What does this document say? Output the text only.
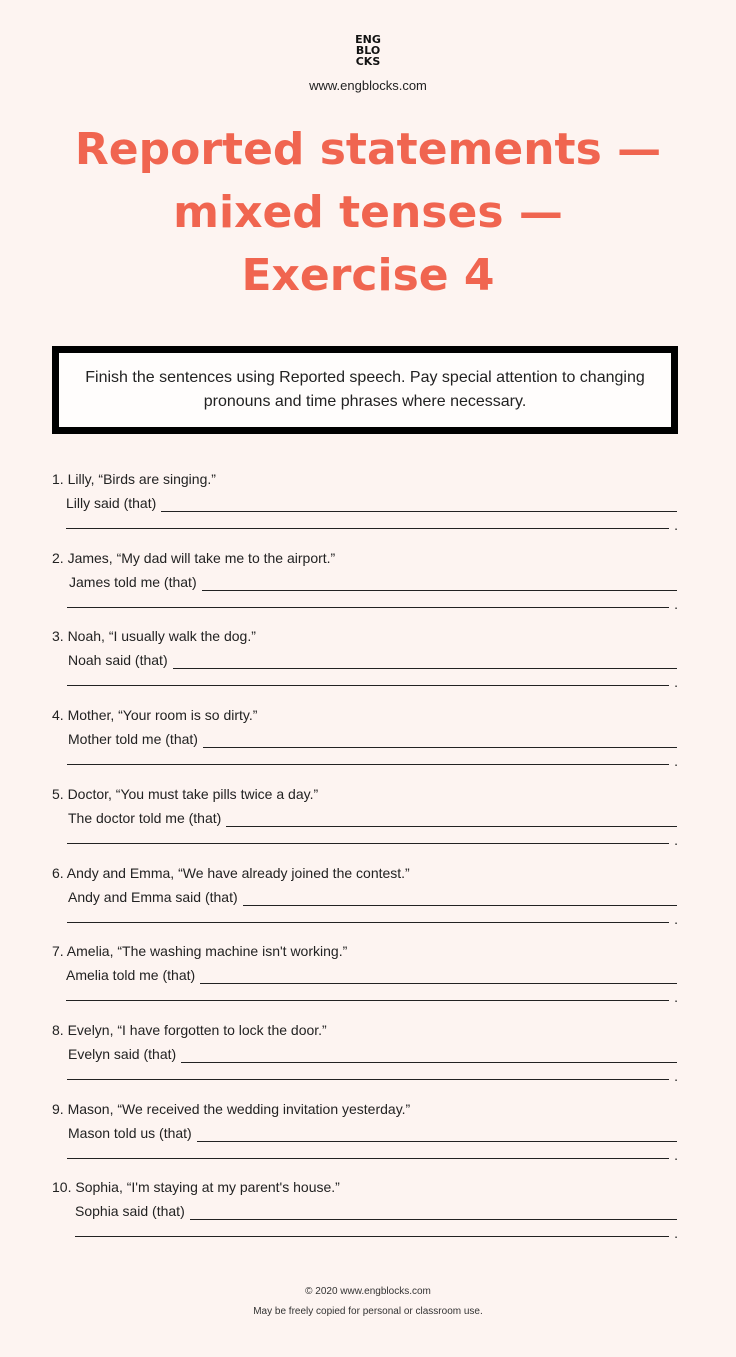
ENG
BLO
CKS
www.engblocks.com
Reported statements —
mixed tenses —
Exercise 4
Finish the sentences using Reported speech. Pay special attention to changing pronouns and time phrases where necessary.
1. Lilly, “Birds are singing.”
Lilly said (that)
.
2. James, “My dad will take me to the airport.”
James told me (that)
.
3. Noah, “I usually walk the dog.”
Noah said (that)
.
4. Mother, “Your room is so dirty.”
Mother told me (that)
.
5. Doctor, “You must take pills twice a day.”
The doctor told me (that)
.
6. Andy and Emma, “We have already joined the contest.”
Andy and Emma said (that)
.
7. Amelia, “The washing machine isn't working.”
Amelia told me (that)
.
8. Evelyn, “I have forgotten to lock the door.”
Evelyn said (that)
.
9. Mason, “We received the wedding invitation yesterday.”
Mason told us (that)
.
10. Sophia, “I'm staying at my parent's house.”
Sophia said (that)
.
© 2020 www.engblocks.com
May be freely copied for personal or classroom use.
